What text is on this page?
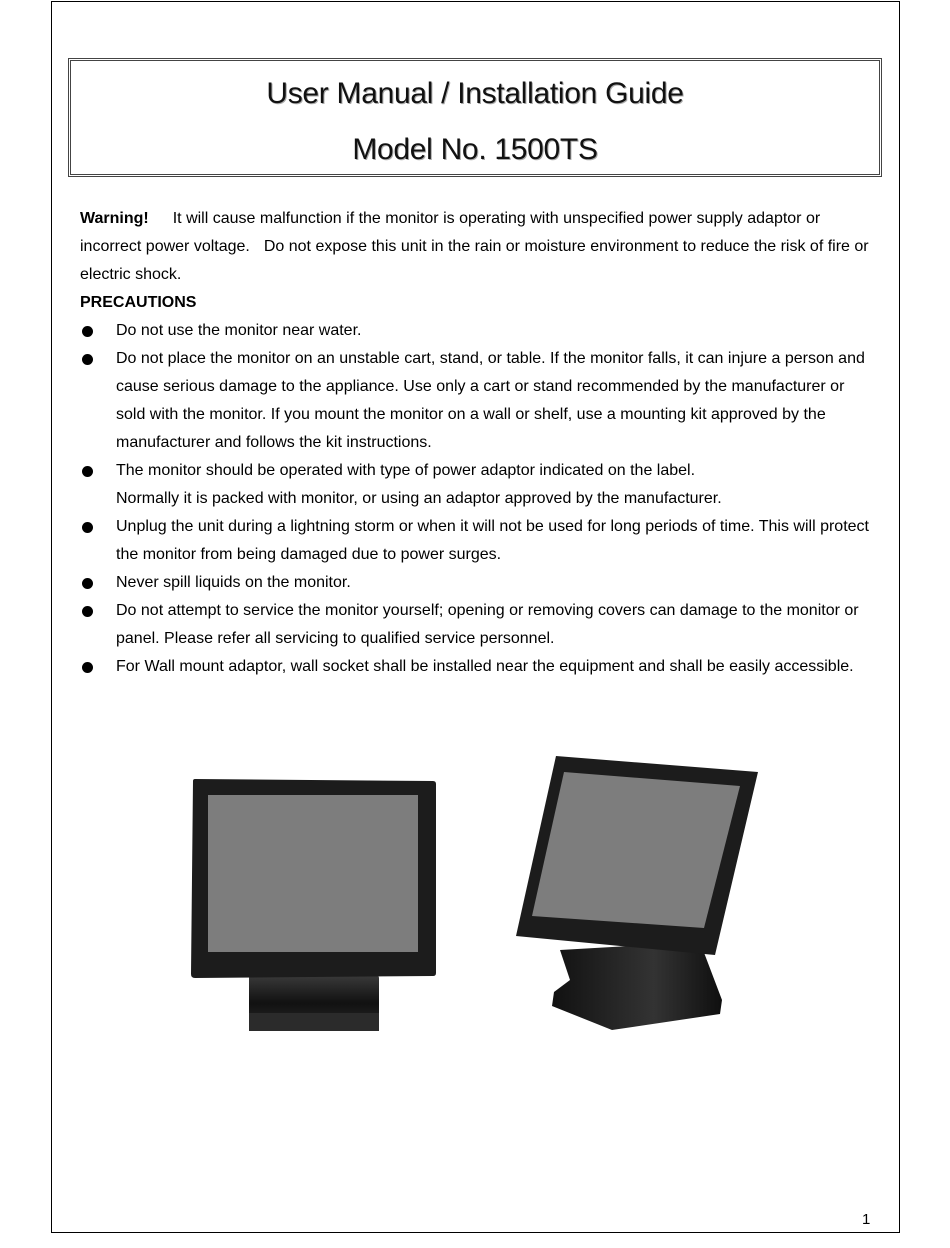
User Manual / Installation Guide
Model No. 1500TS

Warning! It will cause malfunction if the monitor is operating with unspecified power supply adaptor or incorrect power voltage. Do not expose this unit in the rain or moisture environment to reduce the risk of fire or electric shock.

PRECAUTIONS

Do not use the monitor near water.
Do not place the monitor on an unstable cart, stand, or table. If the monitor falls, it can injure a person and cause serious damage to the appliance. Use only a cart or stand recommended by the manufacturer or sold with the monitor. If you mount the monitor on a wall or shelf, use a mounting kit approved by the manufacturer and follows the kit instructions.
The monitor should be operated with type of power adaptor indicated on the label.
Normally it is packed with monitor, or using an adaptor approved by the manufacturer.
Unplug the unit during a lightning storm or when it will not be used for long periods of time. This will protect the monitor from being damaged due to power surges.
Never spill liquids on the monitor.
Do not attempt to service the monitor yourself; opening or removing covers can damage to the monitor or panel. Please refer all servicing to qualified service personnel.
For Wall mount adaptor, wall socket shall be installed near the equipment and shall be easily accessible.
1
